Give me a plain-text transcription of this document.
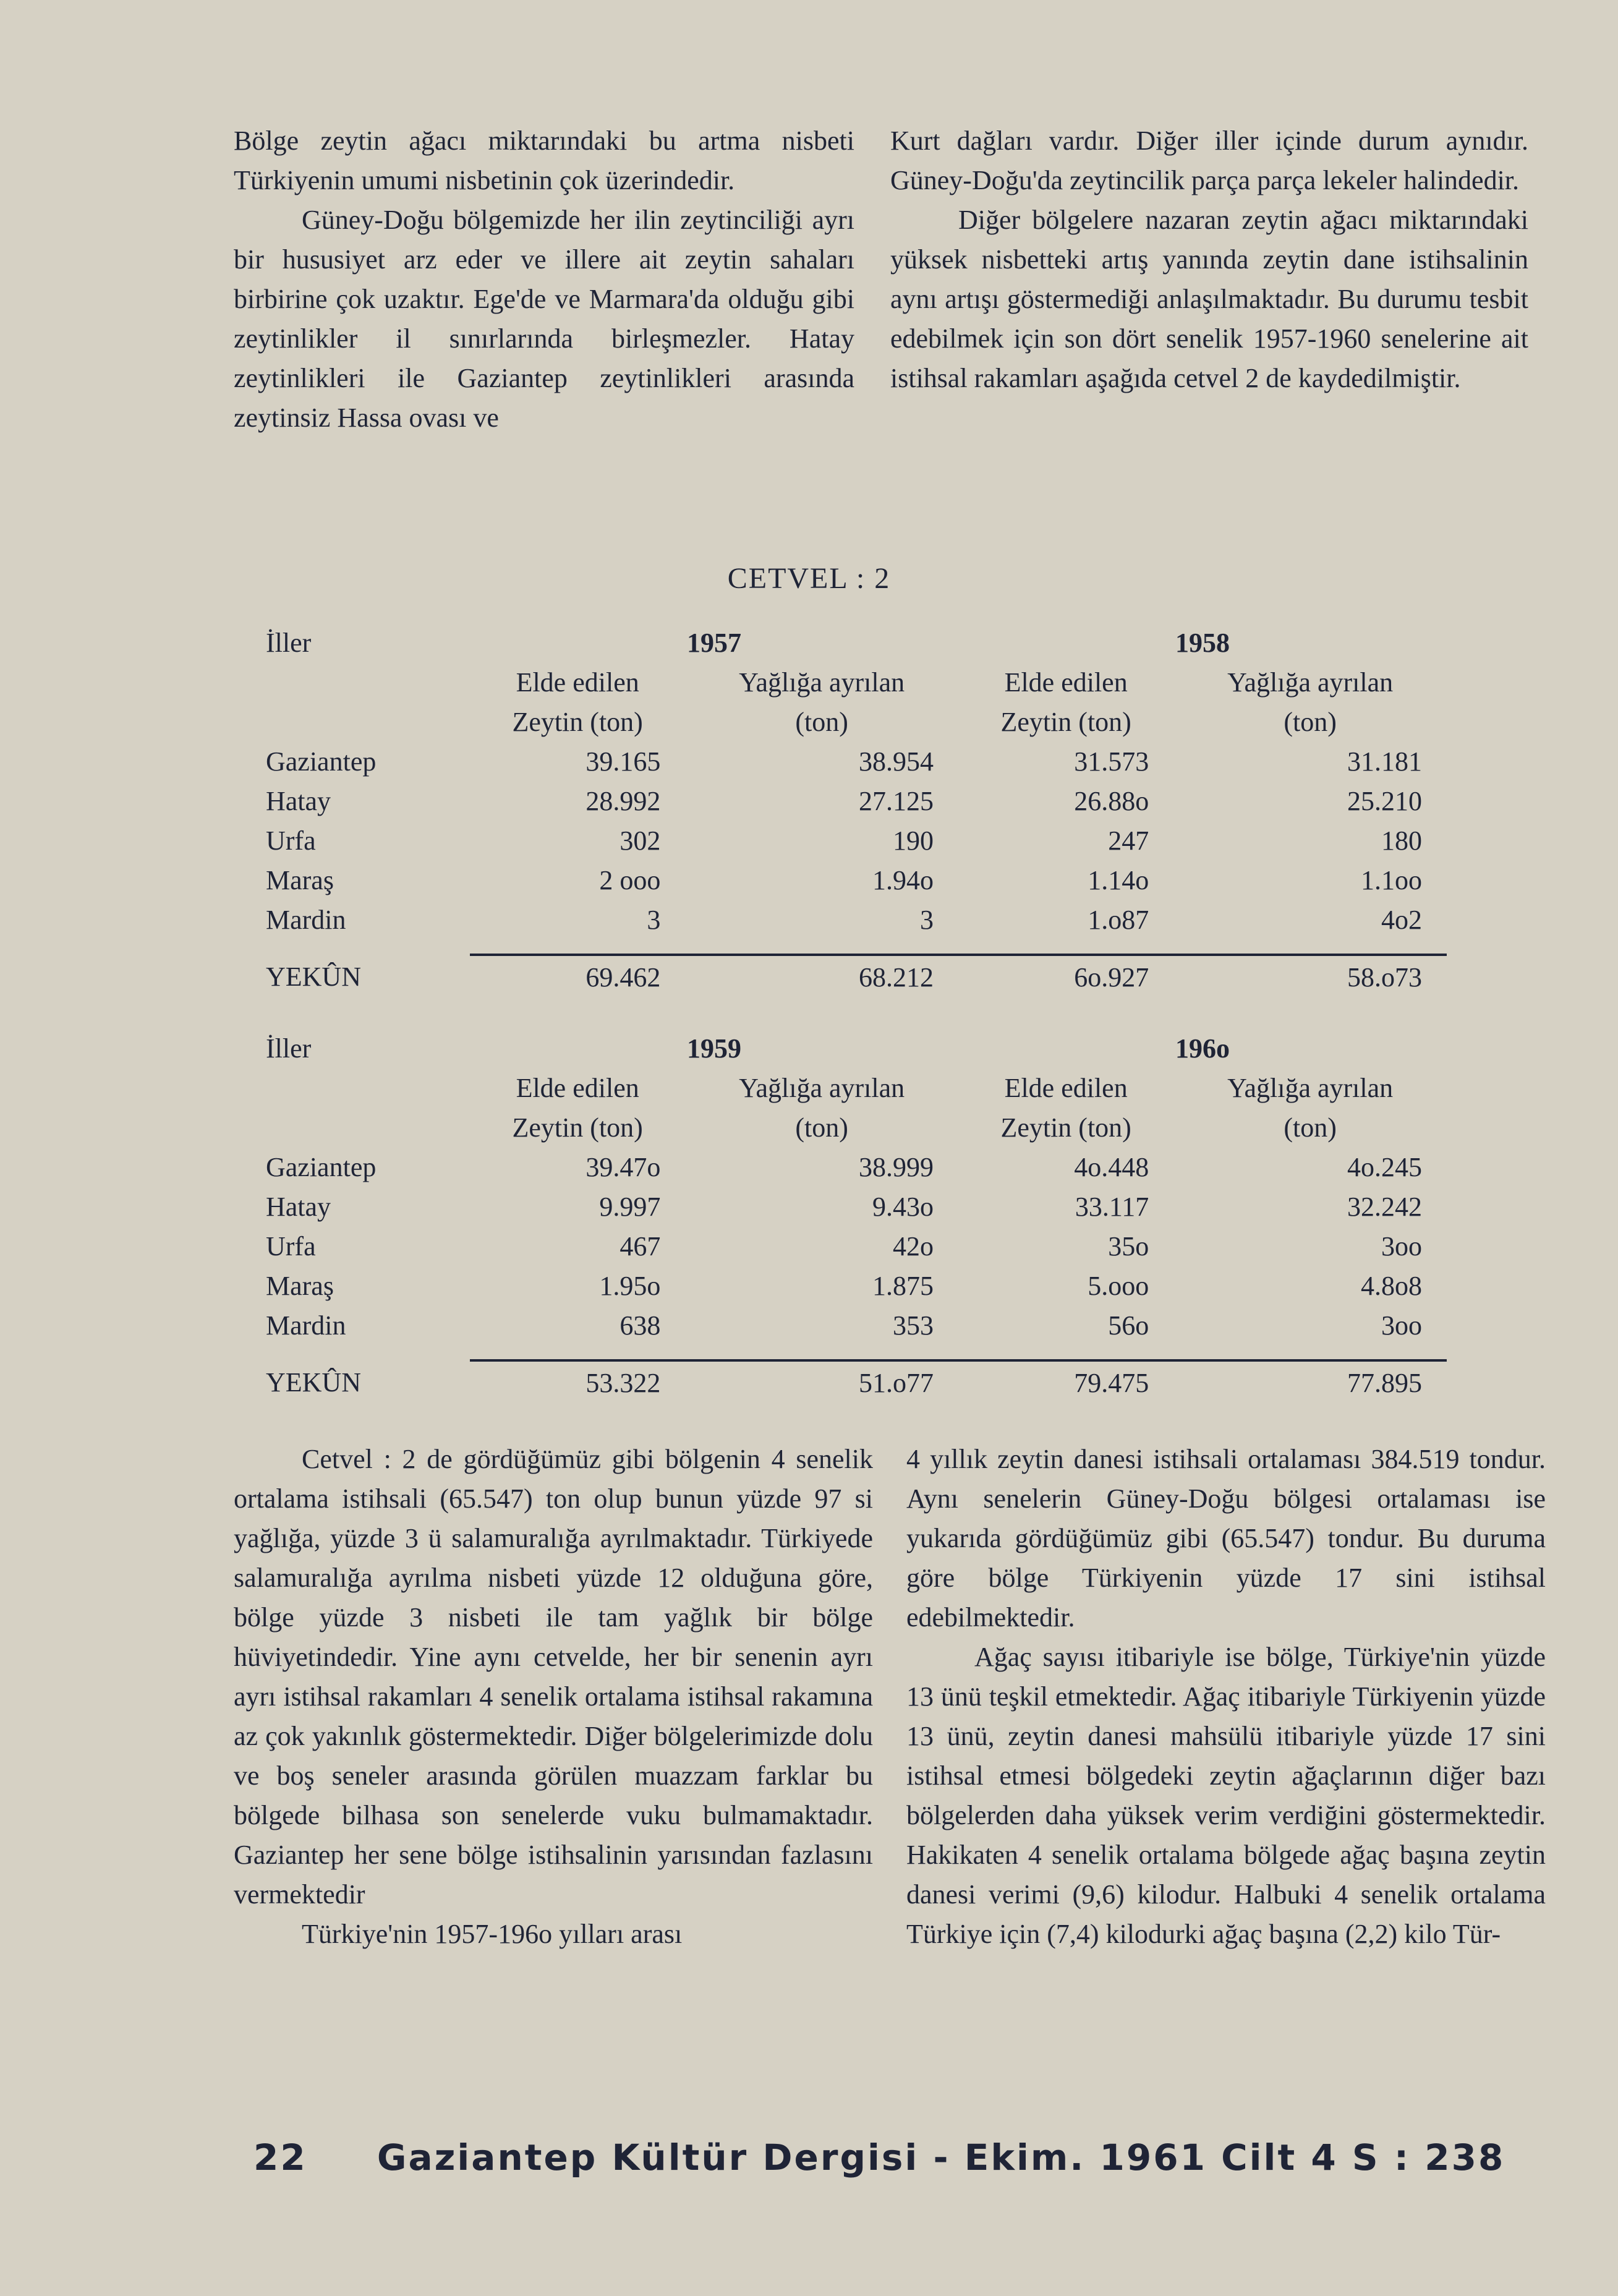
Bölge zeytin ağacı miktarındaki bu artma nisbeti Türkiyenin umumi nisbetinin çok üzerindedir.

Güney-Doğu bölgemizde her ilin zeytinciliği ayrı bir hususiyet arz eder ve illere ait zeytin sahaları birbirine çok uzaktır. Ege'de ve Marmara'da olduğu gibi zeytinlikler il sınırlarında birleşmezler. Hatay zeytinlikleri ile Gaziantep zeytinlikleri arasında zeytinsiz Hassa ovası ve

Kurt dağları vardır. Diğer iller içinde durum aynıdır. Güney-Doğu'da zeytincilik parça parça lekeler halindedir.

Diğer bölgelere nazaran zeytin ağacı miktarındaki yüksek nisbetteki artış yanında zeytin dane istihsalinin aynı artışı göstermediği anlaşılmaktadır. Bu durumu tesbit edebilmek için son dört senelik 1957-1960 senelerine ait istihsal rakamları aşağıda cetvel 2 de kaydedilmiştir.

CETVEL : 2
İller	1957		1958	
	Elde edilen	Yağlığa ayrılan	Elde edilen	Yağlığa ayrılan
	Zeytin (ton)	(ton)	Zeytin (ton)	(ton)
Gaziantep	39.165	38.954	31.573	31.181
Hatay	28.992	27.125	26.88o	25.210
Urfa	302	190	247	180
Maraş	2 ooo	1.94o	1.14o	1.1oo
Mardin	3	3	1.o87	4o2

YEKÛN	69.462	68.212	6o.927	58.o73
İller	1959		196o	
	Elde edilen	Yağlığa ayrılan	Elde edilen	Yağlığa ayrılan
	Zeytin (ton)	(ton)	Zeytin (ton)	(ton)
Gaziantep	39.47o	38.999	4o.448	4o.245
Hatay	9.997	9.43o	33.117	32.242
Urfa	467	42o	35o	3oo
Maraş	1.95o	1.875	5.ooo	4.8o8
Mardin	638	353	56o	3oo

YEKÛN	53.322	51.o77	79.475	77.895

Cetvel : 2 de gördüğümüz gibi bölgenin 4 senelik ortalama istihsali (65.547) ton olup bunun yüzde 97 si yağlığa, yüzde 3 ü salamuralığa ayrılmaktadır. Türkiyede salamuralığa ayrılma nisbeti yüzde 12 olduğuna göre, bölge yüzde 3 nisbeti ile tam yağlık bir bölge hüviyetindedir. Yine aynı cetvelde, her bir senenin ayrı ayrı istihsal rakamları 4 senelik ortalama istihsal rakamına az çok yakınlık göstermektedir. Diğer bölgelerimizde dolu ve boş seneler arasında görülen muazzam farklar bu bölgede bilhasa son senelerde vuku bulmamaktadır. Gaziantep her sene bölge istihsalinin yarısından fazlasını vermektedir

Türkiye'nin 1957-196o yılları arası

4 yıllık zeytin danesi istihsali ortalaması 384.519 tondur. Aynı senelerin Güney-Doğu bölgesi ortalaması ise yukarıda gördüğümüz gibi (65.547) tondur. Bu duruma göre bölge Türkiyenin yüzde 17 sini istihsal edebilmektedir.

Ağaç sayısı itibariyle ise bölge, Türkiye'nin yüzde 13 ünü teşkil etmektedir. Ağaç itibariyle Türkiyenin yüzde 13 ünü, zeytin danesi mahsülü itibariyle yüzde 17 sini istihsal etmesi bölgedeki zeytin ağaçlarının diğer bazı bölgelerden daha yüksek verim verdiğini göstermektedir. Hakikaten 4 senelik ortalama bölgede ağaç başına zeytin danesi verimi (9,6) kilodur. Halbuki 4 senelik ortalama Türkiye için (7,4) kilodurki ağaç başına (2,2) kilo Tür-

22 Gaziantep Kültür Dergisi - Ekim. 1961 Cilt 4 S : 238
